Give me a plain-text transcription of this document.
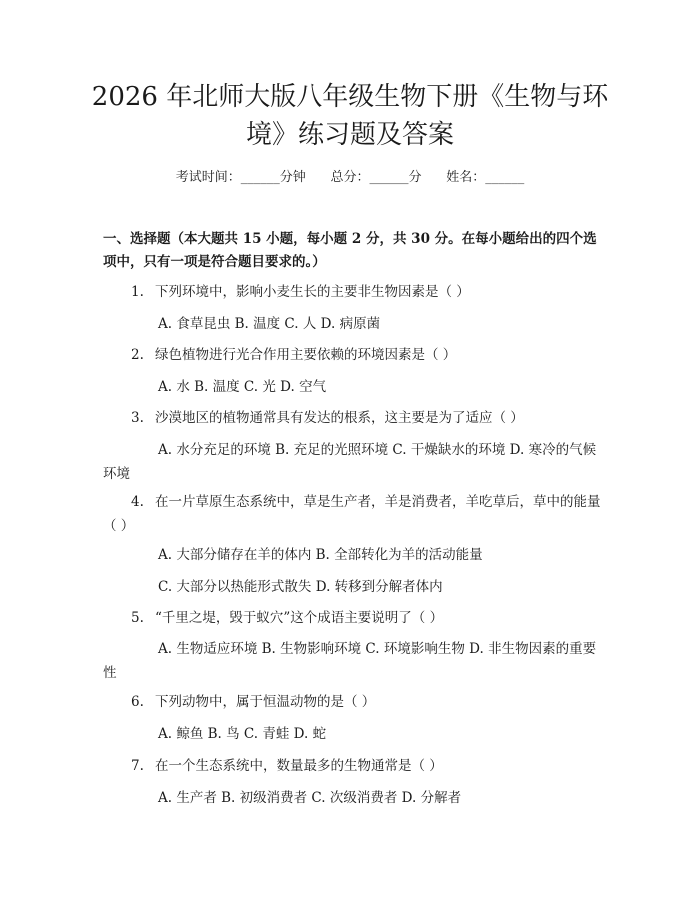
2026 年北师大版八年级生物下册《生物与环
境》练习题及答案
考试时间：______分钟      总分：______分      姓名：______
一、选择题（本大题共 15 小题，每小题 2 分，共 30 分。在每小题给出的四个选项中，只有一项是符合题目要求的。）
1. 下列环境中，影响小麦生长的主要非生物因素是（ ）
A. 食草昆虫 B. 温度 C. 人 D. 病原菌
2. 绿色植物进行光合作用主要依赖的环境因素是（ ）
A. 水 B. 温度 C. 光 D. 空气
3. 沙漠地区的植物通常具有发达的根系，这主要是为了适应（ ）
A. 水分充足的环境 B. 充足的光照环境 C. 干燥缺水的环境 D. 寒冷的气候环境
4. 在一片草原生态系统中，草是生产者，羊是消费者，羊吃草后，草中的能量（ ）
A. 大部分储存在羊的体内 B. 全部转化为羊的活动能量
C. 大部分以热能形式散失 D. 转移到分解者体内
5. “千里之堤，毁于蚁穴”这个成语主要说明了（ ）
A. 生物适应环境 B. 生物影响环境 C. 环境影响生物 D. 非生物因素的重要性
6. 下列动物中，属于恒温动物的是（ ）
A. 鲸鱼 B. 鸟 C. 青蛙 D. 蛇
7. 在一个生态系统中，数量最多的生物通常是（ ）
A. 生产者 B. 初级消费者 C. 次级消费者 D. 分解者
